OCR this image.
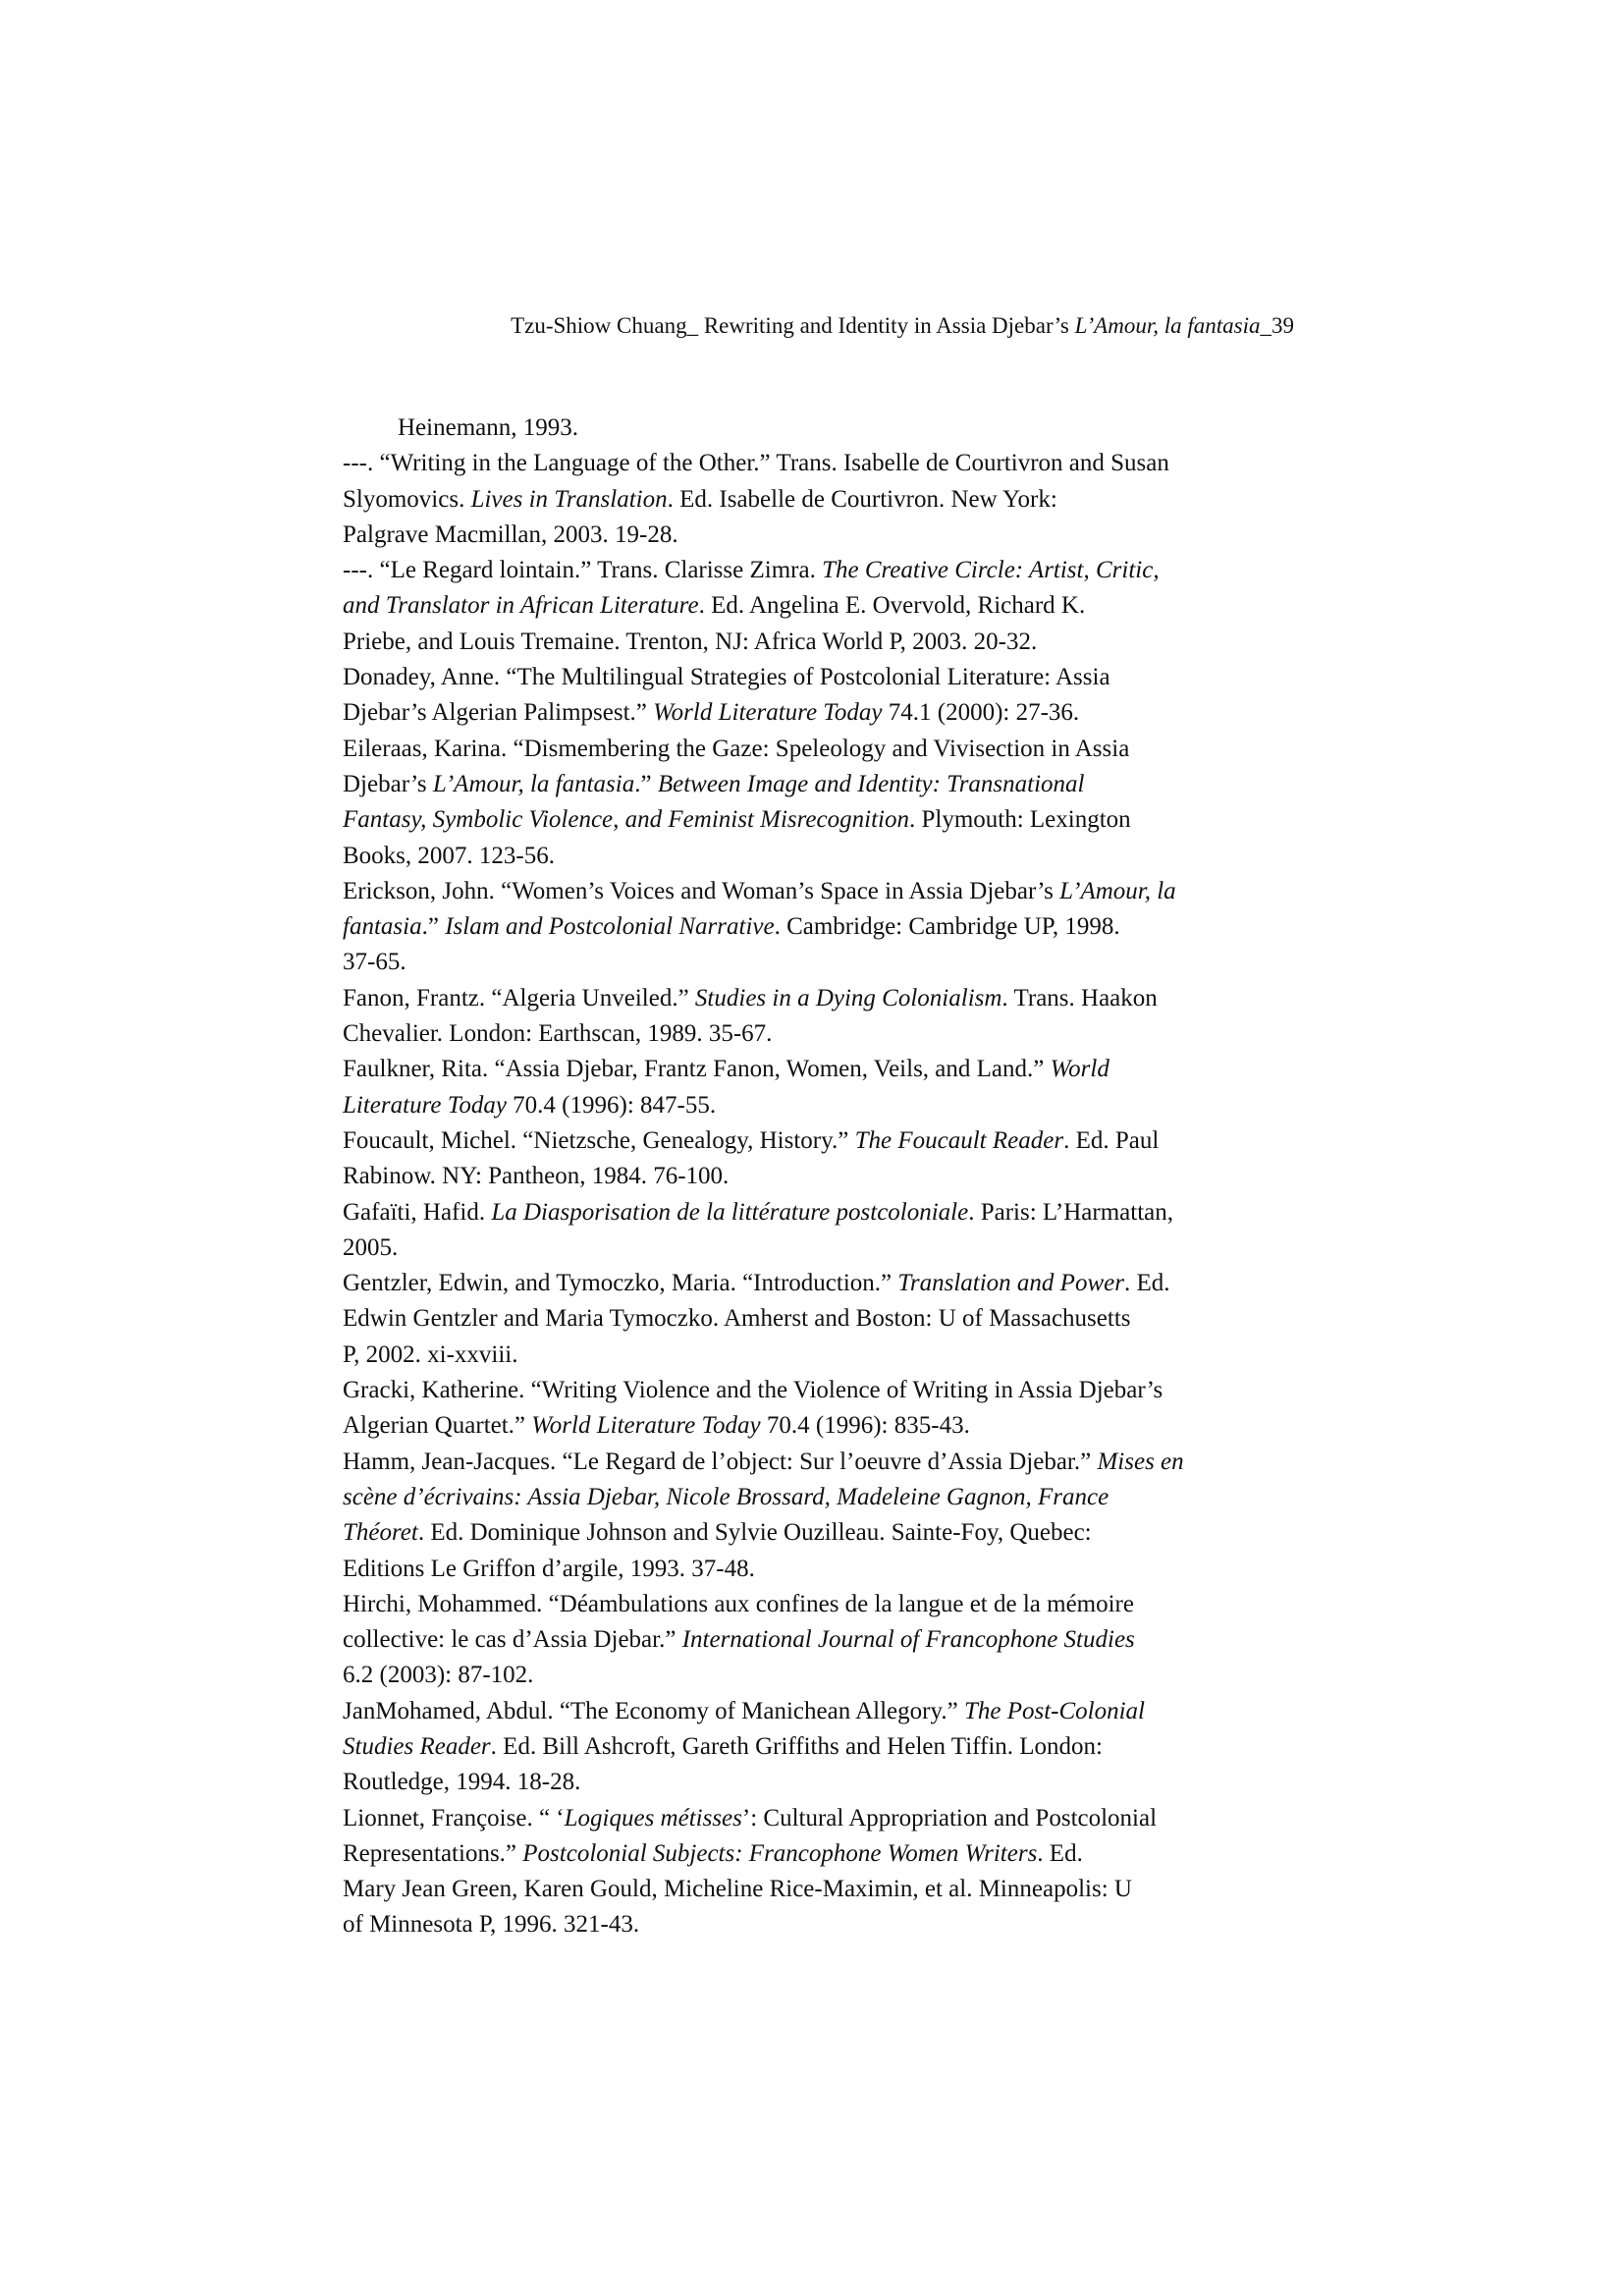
Tzu-Shiow Chuang_ Rewriting and Identity in Assia Djebar’s L’Amour, la fantasia_39
Heinemann, 1993.
---. “Writing in the Language of the Other.” Trans. Isabelle de Courtivron and Susan
Slyomovics. Lives in Translation. Ed. Isabelle de Courtivron. New York:
Palgrave Macmillan, 2003. 19-28.
---. “Le Regard lointain.” Trans. Clarisse Zimra. The Creative Circle: Artist, Critic,
and Translator in African Literature. Ed. Angelina E. Overvold, Richard K.
Priebe, and Louis Tremaine. Trenton, NJ: Africa World P, 2003. 20-32.
Donadey, Anne. “The Multilingual Strategies of Postcolonial Literature: Assia
Djebar’s Algerian Palimpsest.” World Literature Today 74.1 (2000): 27-36.
Eileraas, Karina. “Dismembering the Gaze: Speleology and Vivisection in Assia
Djebar’s L’Amour, la fantasia.” Between Image and Identity: Transnational
Fantasy, Symbolic Violence, and Feminist Misrecognition. Plymouth: Lexington
Books, 2007. 123-56.
Erickson, John. “Women’s Voices and Woman’s Space in Assia Djebar’s L’Amour, la
fantasia.” Islam and Postcolonial Narrative. Cambridge: Cambridge UP, 1998.
37-65.
Fanon, Frantz. “Algeria Unveiled.” Studies in a Dying Colonialism. Trans. Haakon
Chevalier. London: Earthscan, 1989. 35-67.
Faulkner, Rita. “Assia Djebar, Frantz Fanon, Women, Veils, and Land.” World
Literature Today 70.4 (1996): 847-55.
Foucault, Michel. “Nietzsche, Genealogy, History.” The Foucault Reader. Ed. Paul
Rabinow. NY: Pantheon, 1984. 76-100.
Gafaïti, Hafid. La Diasporisation de la littérature postcoloniale. Paris: L’Harmattan,
2005.
Gentzler, Edwin, and Tymoczko, Maria. “Introduction.” Translation and Power. Ed.
Edwin Gentzler and Maria Tymoczko. Amherst and Boston: U of Massachusetts
P, 2002. xi-xxviii.
Gracki, Katherine. “Writing Violence and the Violence of Writing in Assia Djebar’s
Algerian Quartet.” World Literature Today 70.4 (1996): 835-43.
Hamm, Jean-Jacques. “Le Regard de l’object: Sur l’oeuvre d’Assia Djebar.” Mises en
scène d’écrivains: Assia Djebar, Nicole Brossard, Madeleine Gagnon, France
Théoret. Ed. Dominique Johnson and Sylvie Ouzilleau. Sainte-Foy, Quebec:
Editions Le Griffon d’argile, 1993. 37-48.
Hirchi, Mohammed. “Déambulations aux confines de la langue et de la mémoire
collective: le cas d’Assia Djebar.” International Journal of Francophone Studies
6.2 (2003): 87-102.
JanMohamed, Abdul. “The Economy of Manichean Allegory.” The Post-Colonial
Studies Reader. Ed. Bill Ashcroft, Gareth Griffiths and Helen Tiffin. London:
Routledge, 1994. 18-28.
Lionnet, Françoise. “ ‘Logiques métisses’: Cultural Appropriation and Postcolonial
Representations.” Postcolonial Subjects: Francophone Women Writers. Ed.
Mary Jean Green, Karen Gould, Micheline Rice-Maximin, et al. Minneapolis: U
of Minnesota P, 1996. 321-43.
